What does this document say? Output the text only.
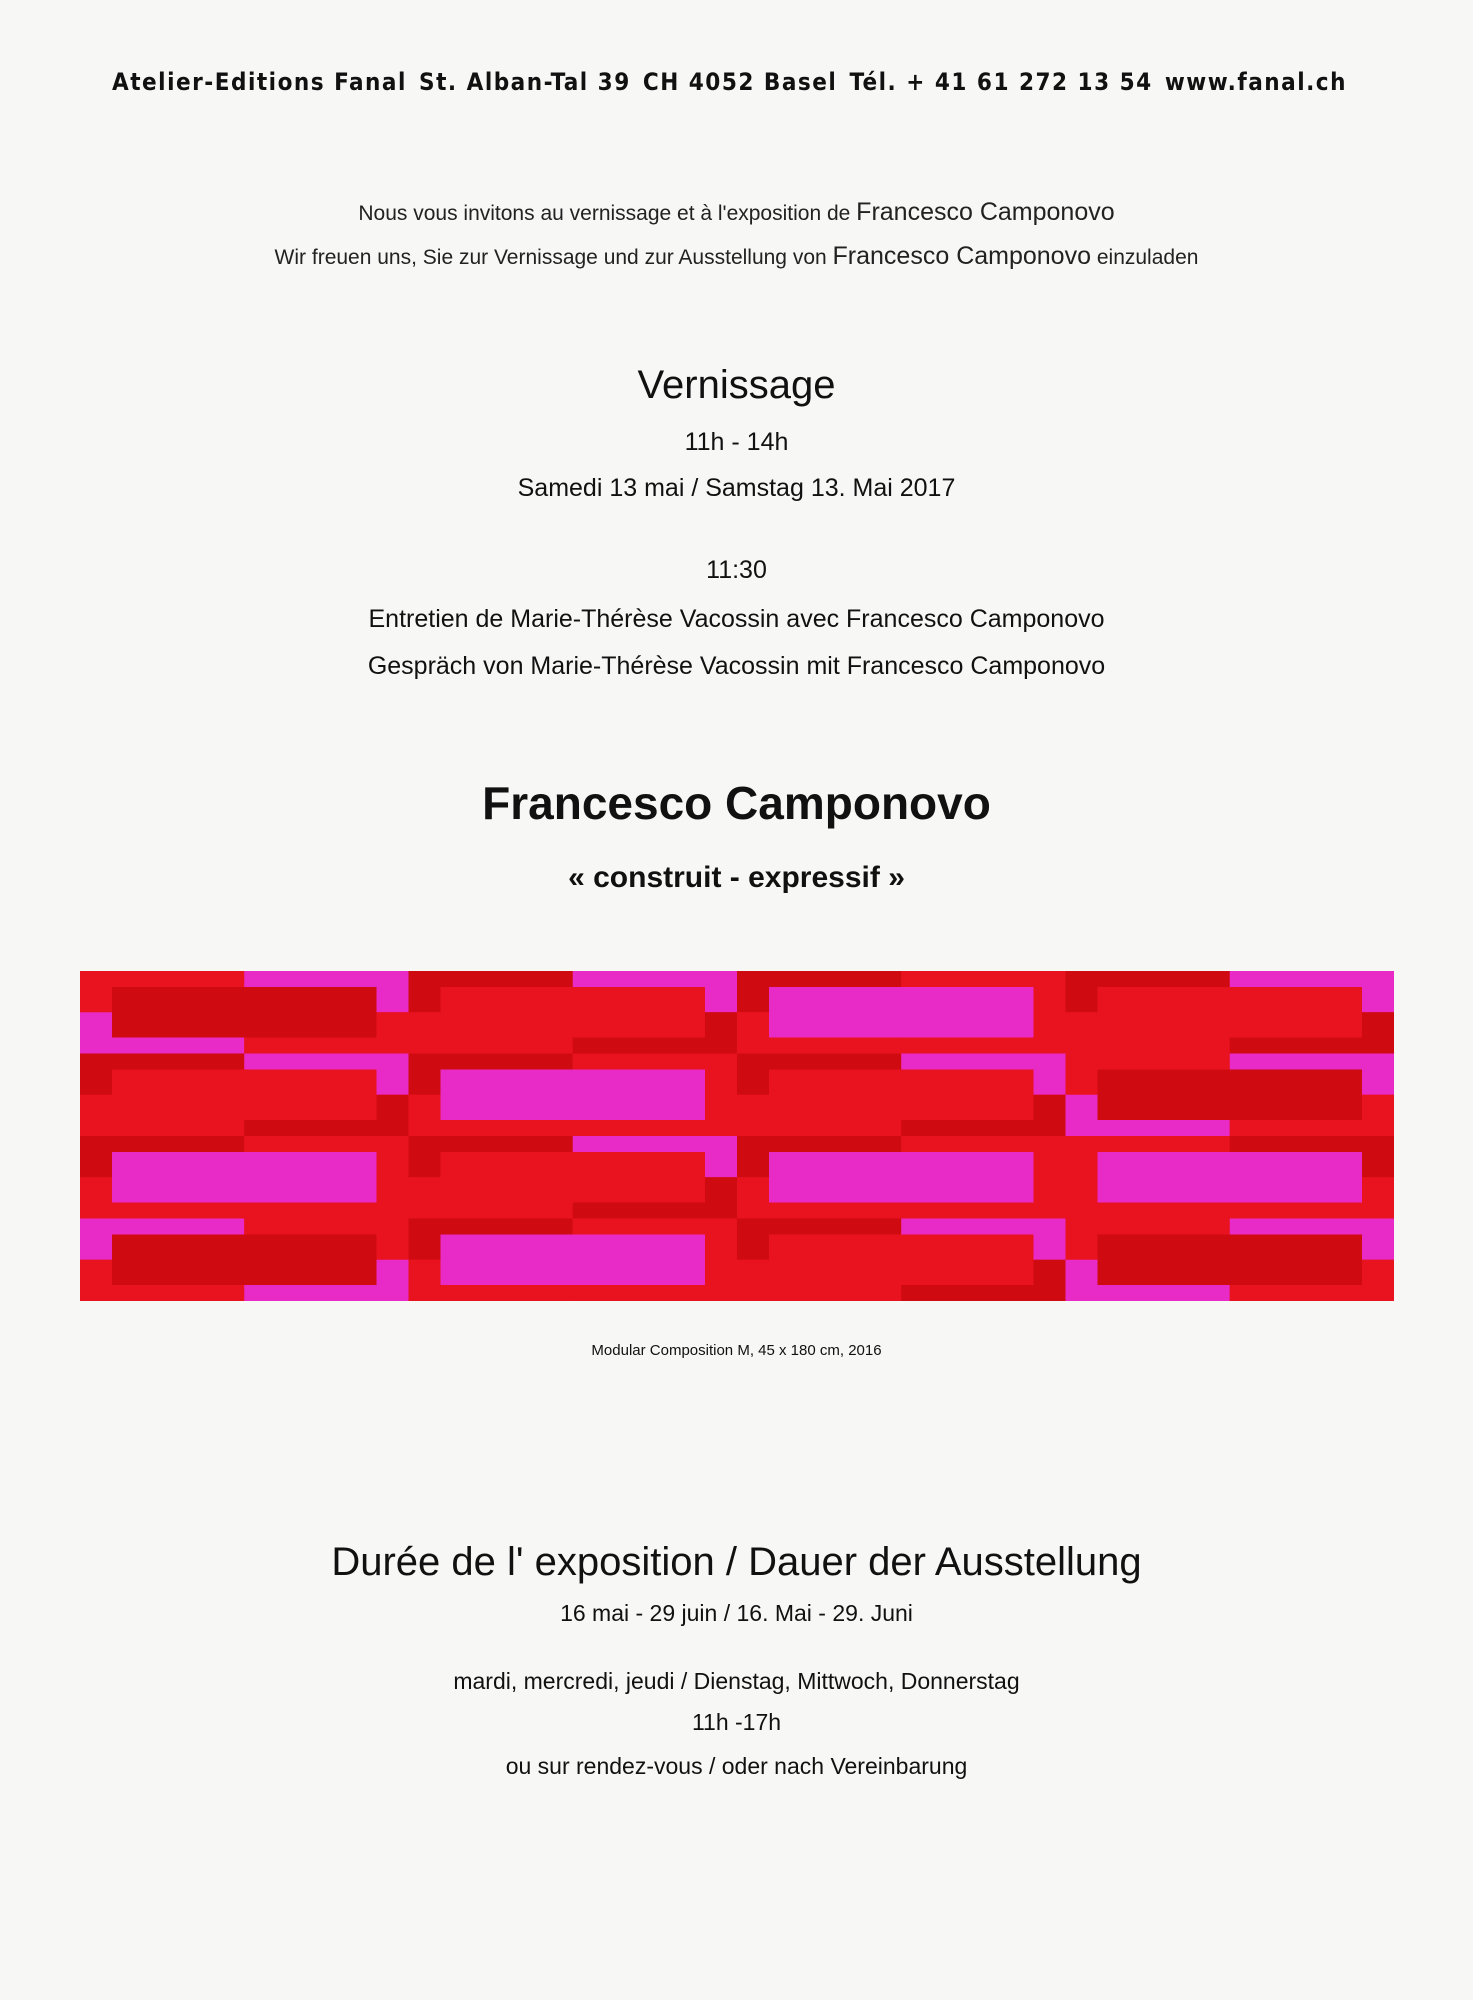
Atelier-Editions Fanal St. Alban-Tal 39 CH 4052 Basel Tél. + 41 61 272 13 54 www.fanal.ch
Nous vous invitons au vernissage et à l'exposition de Francesco Camponovo
Wir freuen uns, Sie zur Vernissage und zur Ausstellung von Francesco Camponovo einzuladen
Vernissage
11h - 14h
Samedi 13 mai / Samstag 13. Mai 2017
11:30
Entretien de Marie-Thérèse Vacossin avec Francesco Camponovo
Gespräch von Marie-Thérèse Vacossin mit Francesco Camponovo
Francesco Camponovo
« construit - expressif »
Modular Composition M, 45 x 180 cm, 2016
Durée de l' exposition / Dauer der Ausstellung
16 mai - 29 juin / 16. Mai - 29. Juni
mardi, mercredi, jeudi / Dienstag, Mittwoch, Donnerstag
11h -17h
ou sur rendez-vous / oder nach Vereinbarung
